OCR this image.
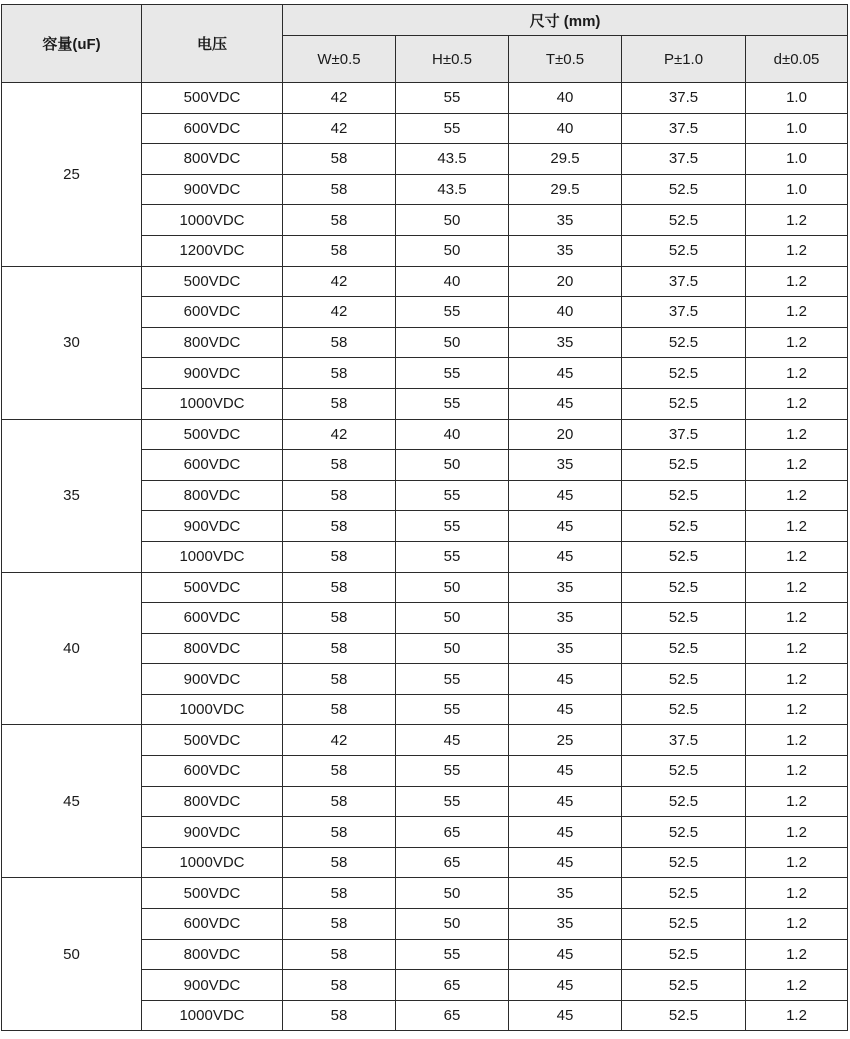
容量(uF)	电压	尺寸 (mm)				
		W±0.5	H±0.5	T±0.5	P±1.0	d±0.05
25	500VDC	42	55	40	37.5	1.0
	600VDC	42	55	40	37.5	1.0
	800VDC	58	43.5	29.5	37.5	1.0
	900VDC	58	43.5	29.5	52.5	1.0
	1000VDC	58	50	35	52.5	1.2
	1200VDC	58	50	35	52.5	1.2
30	500VDC	42	40	20	37.5	1.2
	600VDC	42	55	40	37.5	1.2
	800VDC	58	50	35	52.5	1.2
	900VDC	58	55	45	52.5	1.2
	1000VDC	58	55	45	52.5	1.2
35	500VDC	42	40	20	37.5	1.2
	600VDC	58	50	35	52.5	1.2
	800VDC	58	55	45	52.5	1.2
	900VDC	58	55	45	52.5	1.2
	1000VDC	58	55	45	52.5	1.2
40	500VDC	58	50	35	52.5	1.2
	600VDC	58	50	35	52.5	1.2
	800VDC	58	50	35	52.5	1.2
	900VDC	58	55	45	52.5	1.2
	1000VDC	58	55	45	52.5	1.2
45	500VDC	42	45	25	37.5	1.2
	600VDC	58	55	45	52.5	1.2
	800VDC	58	55	45	52.5	1.2
	900VDC	58	65	45	52.5	1.2
	1000VDC	58	65	45	52.5	1.2
50	500VDC	58	50	35	52.5	1.2
	600VDC	58	50	35	52.5	1.2
	800VDC	58	55	45	52.5	1.2
	900VDC	58	65	45	52.5	1.2
	1000VDC	58	65	45	52.5	1.2
